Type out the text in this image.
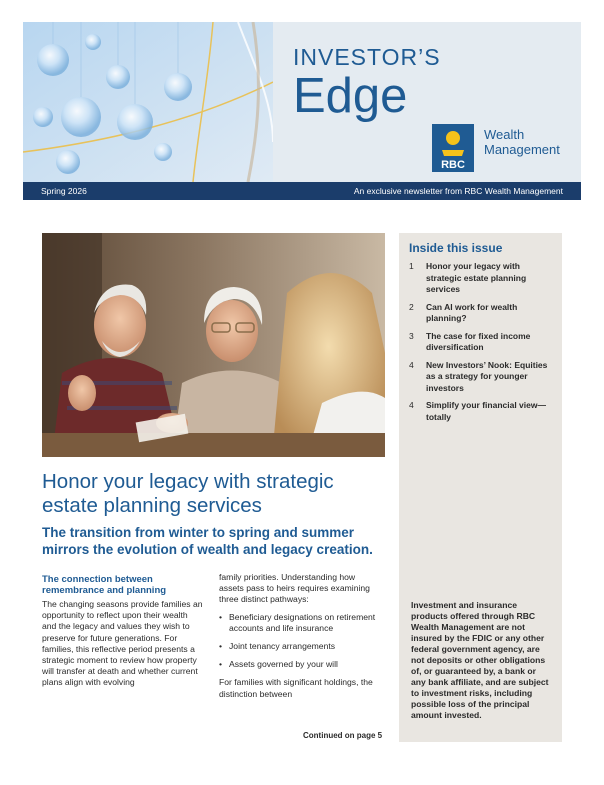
INVESTOR’S
Edge
RBC
Wealth
Management
Spring 2026	An exclusive newsletter from RBC Wealth Management
Inside this issue
1 Honor your legacy with strategic estate planning services
2 Can AI work for wealth planning?
3 The case for fixed income diversification
4 New Investors’ Nook: Equities as a strategy for younger investors
4 Simplify your financial view—totally
Investment and insurance products offered through RBC Wealth Management are not insured by the FDIC or any other federal government agency, are not deposits or other obligations of, or guaranteed by, a bank or any bank affiliate, and are subject to investment risks, including possible loss of the principal amount invested.
Honor your legacy with strategic estate planning services
The transition from winter to spring and summer mirrors the evolution of wealth and legacy creation.
The connection between remembrance and planning

The changing seasons provide families an opportunity to reflect upon their wealth and the legacy and values they wish to preserve for future generations. For families, this reflective period presents a strategic moment to review how property will transfer at death and whether current plans align with evolving

family priorities. Understanding how assets pass to heirs requires examining three distinct pathways:

• Beneficiary designations on retirement accounts and life insurance
• Joint tenancy arrangements
• Assets governed by your will

For families with significant holdings, the distinction between

Continued on page 5
